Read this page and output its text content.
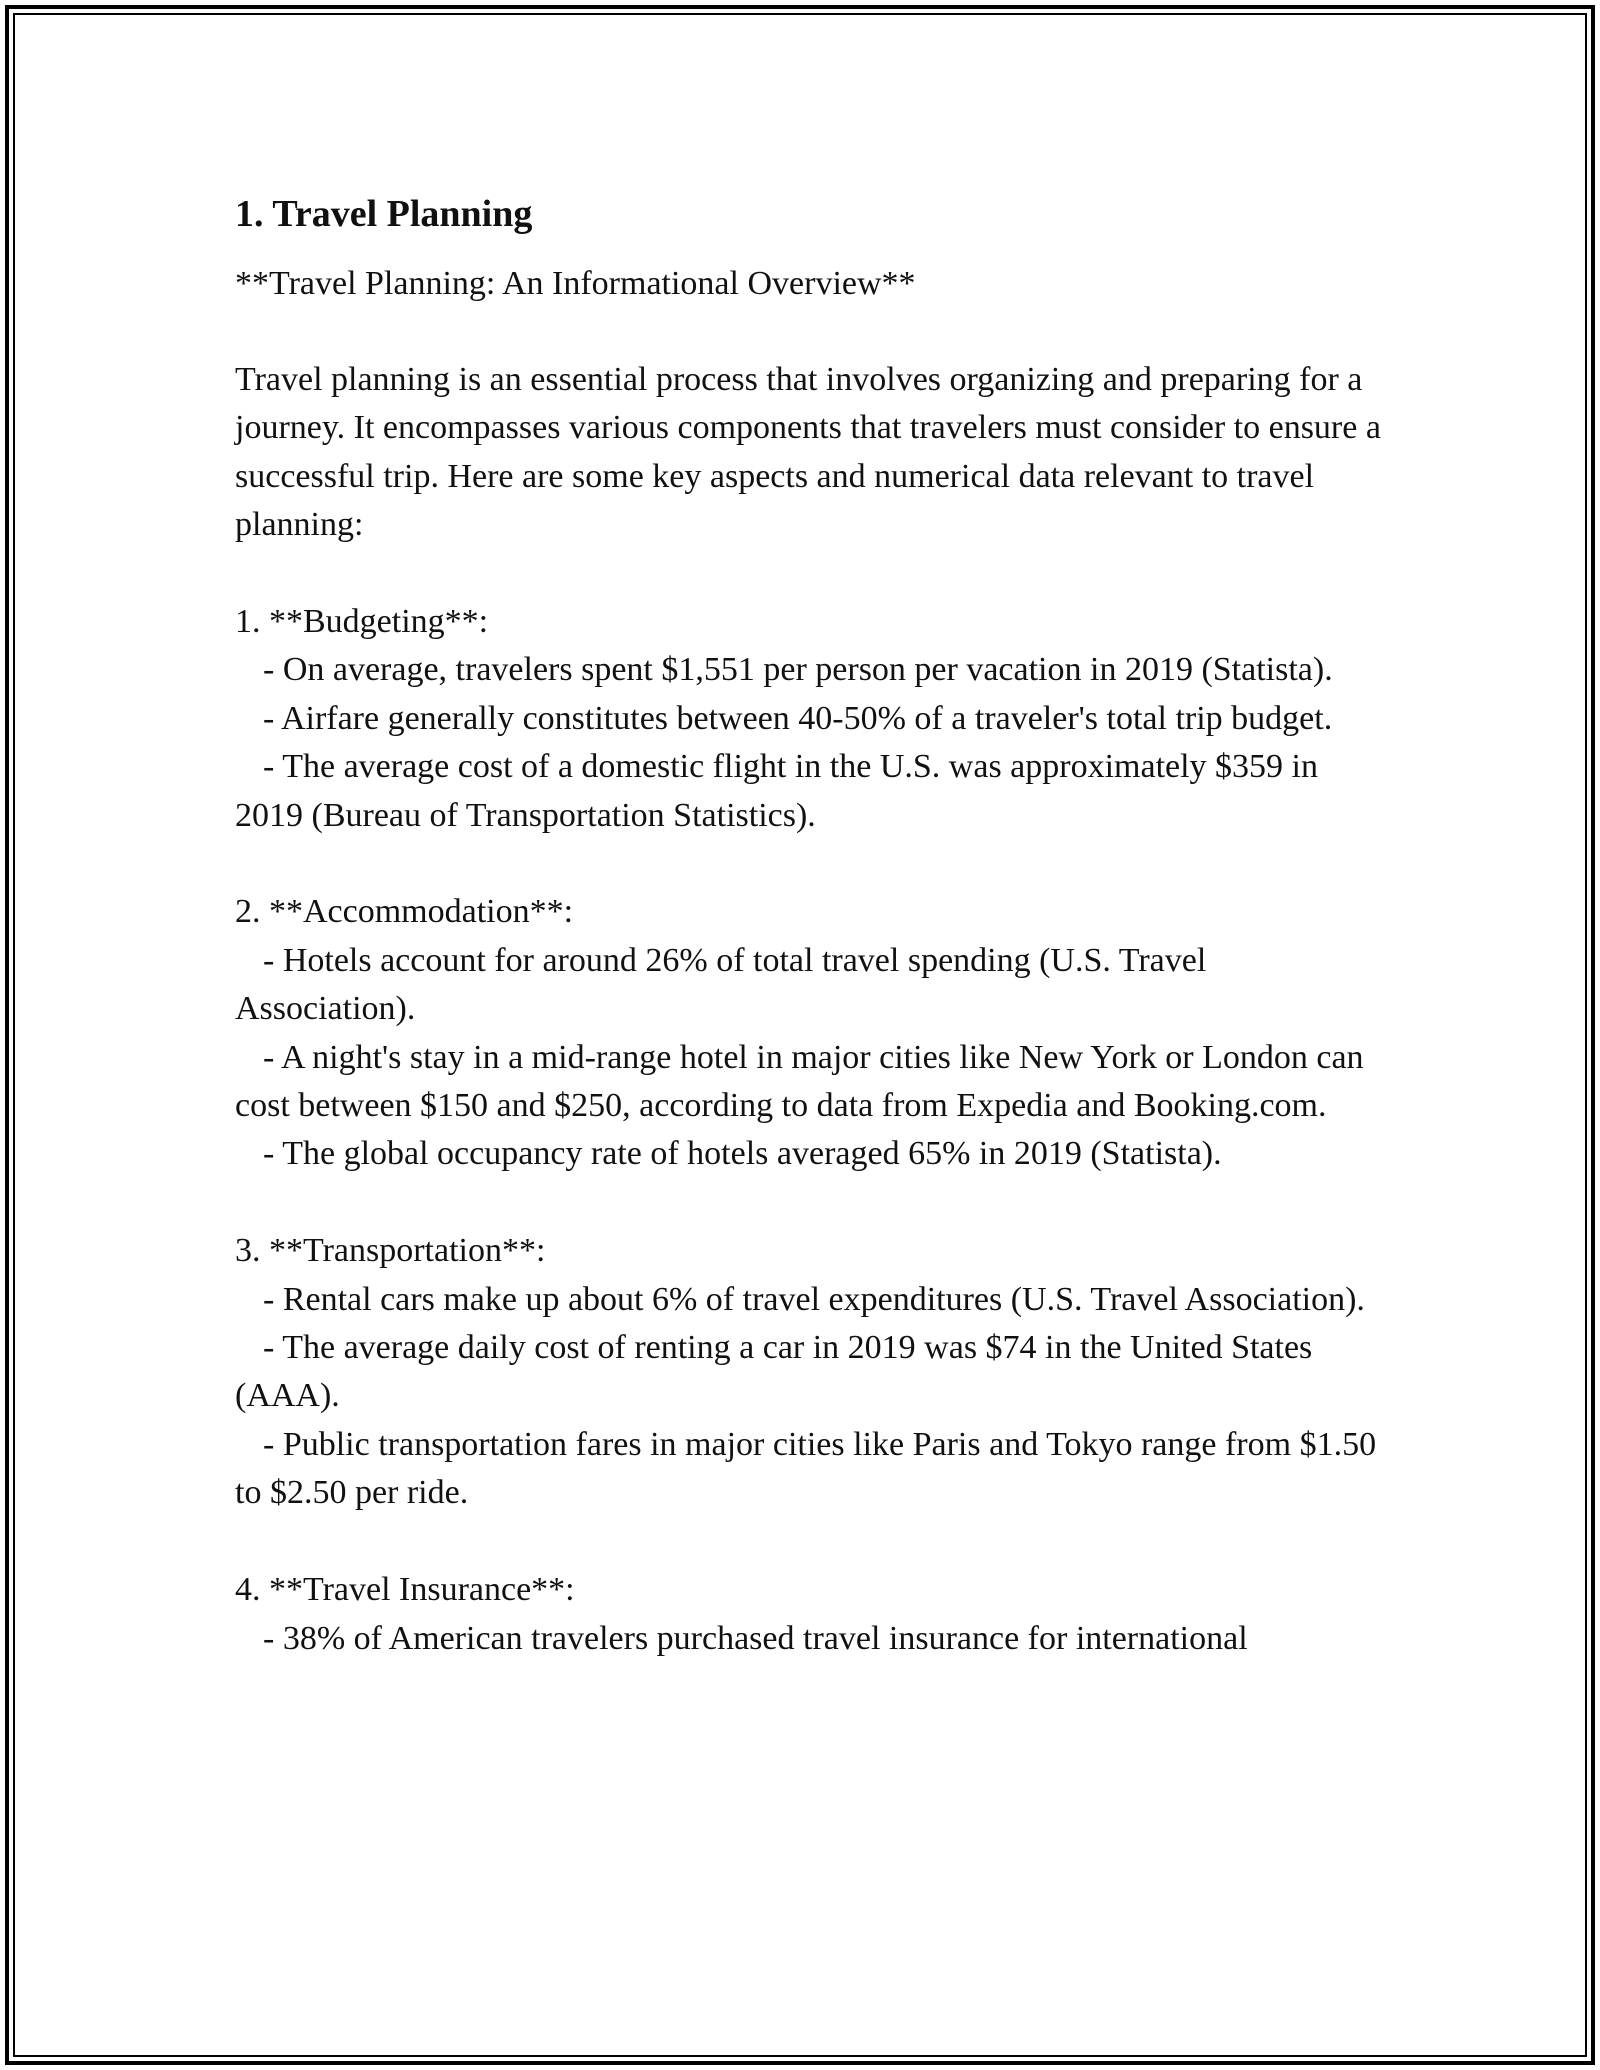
1. Travel Planning

**Travel Planning: An Informational Overview**

Travel planning is an essential process that involves organizing and preparing for a journey. It encompasses various components that travelers must consider to ensure a successful trip. Here are some key aspects and numerical data relevant to travel planning:

1. **Budgeting**:

- On average, travelers spent $1,551 per person per vacation in 2019 (Statista).

- Airfare generally constitutes between 40-50% of a traveler's total trip budget.

- The average cost of a domestic flight in the U.S. was approximately $359 in 2019 (Bureau of Transportation Statistics).

2. **Accommodation**:

- Hotels account for around 26% of total travel spending (U.S. Travel Association).

- A night's stay in a mid-range hotel in major cities like New York or London can cost between $150 and $250, according to data from Expedia and Booking.com.

- The global occupancy rate of hotels averaged 65% in 2019 (Statista).

3. **Transportation**:

- Rental cars make up about 6% of travel expenditures (U.S. Travel Association).

- The average daily cost of renting a car in 2019 was $74 in the United States (AAA).

- Public transportation fares in major cities like Paris and Tokyo range from $1.50 to $2.50 per ride.

4. **Travel Insurance**:

- 38% of American travelers purchased travel insurance for international
